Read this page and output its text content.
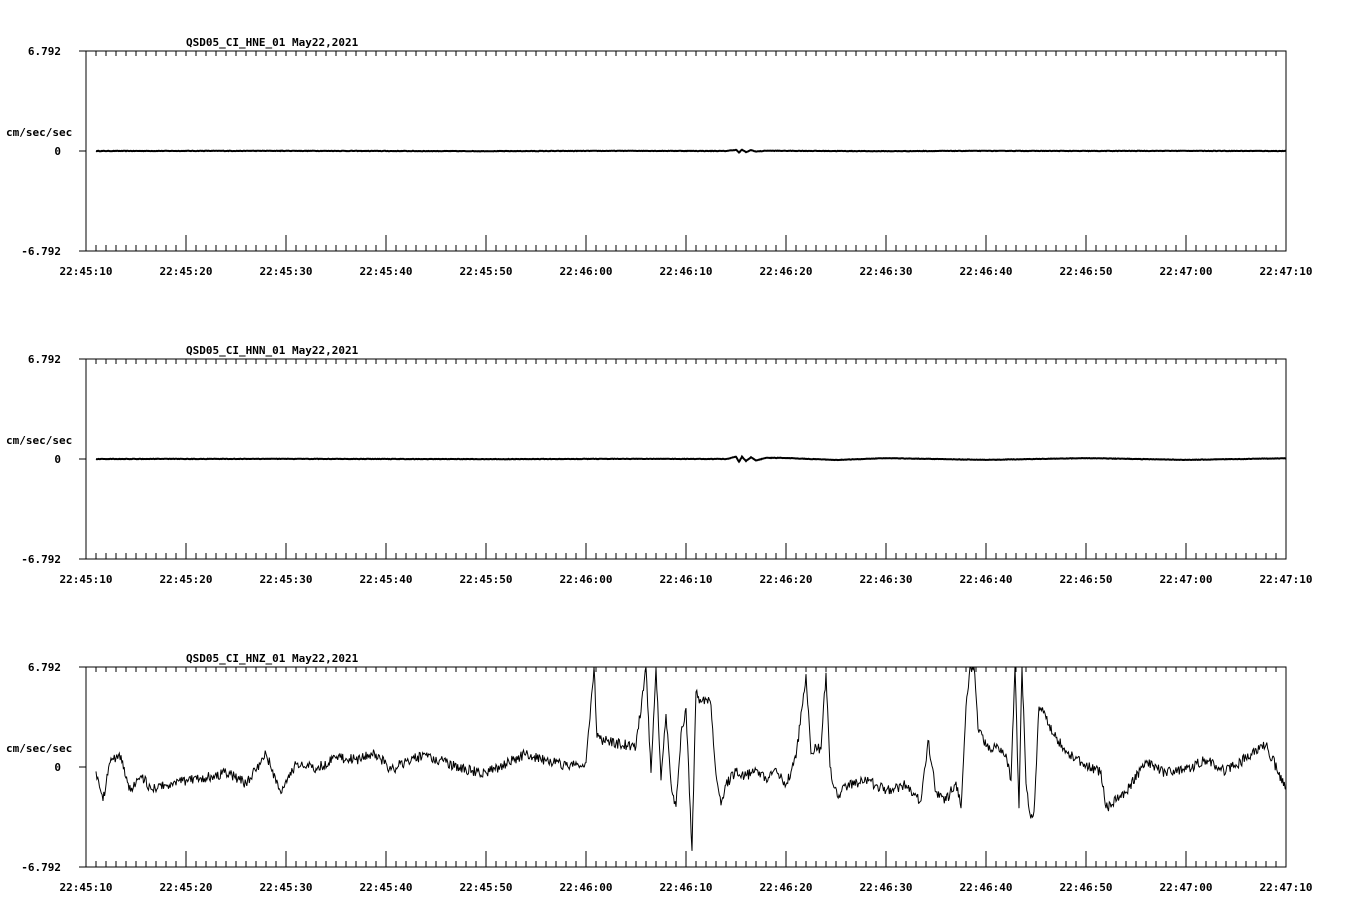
QSD05_CI_HNE_01 May22,2021
6.792
0
-6.792
cm/sec/sec
22:45:10	22:45:20	22:45:30	22:45:40	22:45:50	22:46:00	22:46:10	22:46:20	22:46:30	22:46:40	22:46:50	22:47:00	22:47:10
QSD05_CI_HNN_01 May22,2021
6.792
0
-6.792
cm/sec/sec
22:45:10	22:45:20	22:45:30	22:45:40	22:45:50	22:46:00	22:46:10	22:46:20	22:46:30	22:46:40	22:46:50	22:47:00	22:47:10
QSD05_CI_HNZ_01 May22,2021
6.792
0
-6.792
cm/sec/sec
22:45:10	22:45:20	22:45:30	22:45:40	22:45:50	22:46:00	22:46:10	22:46:20	22:46:30	22:46:40	22:46:50	22:47:00	22:47:10
